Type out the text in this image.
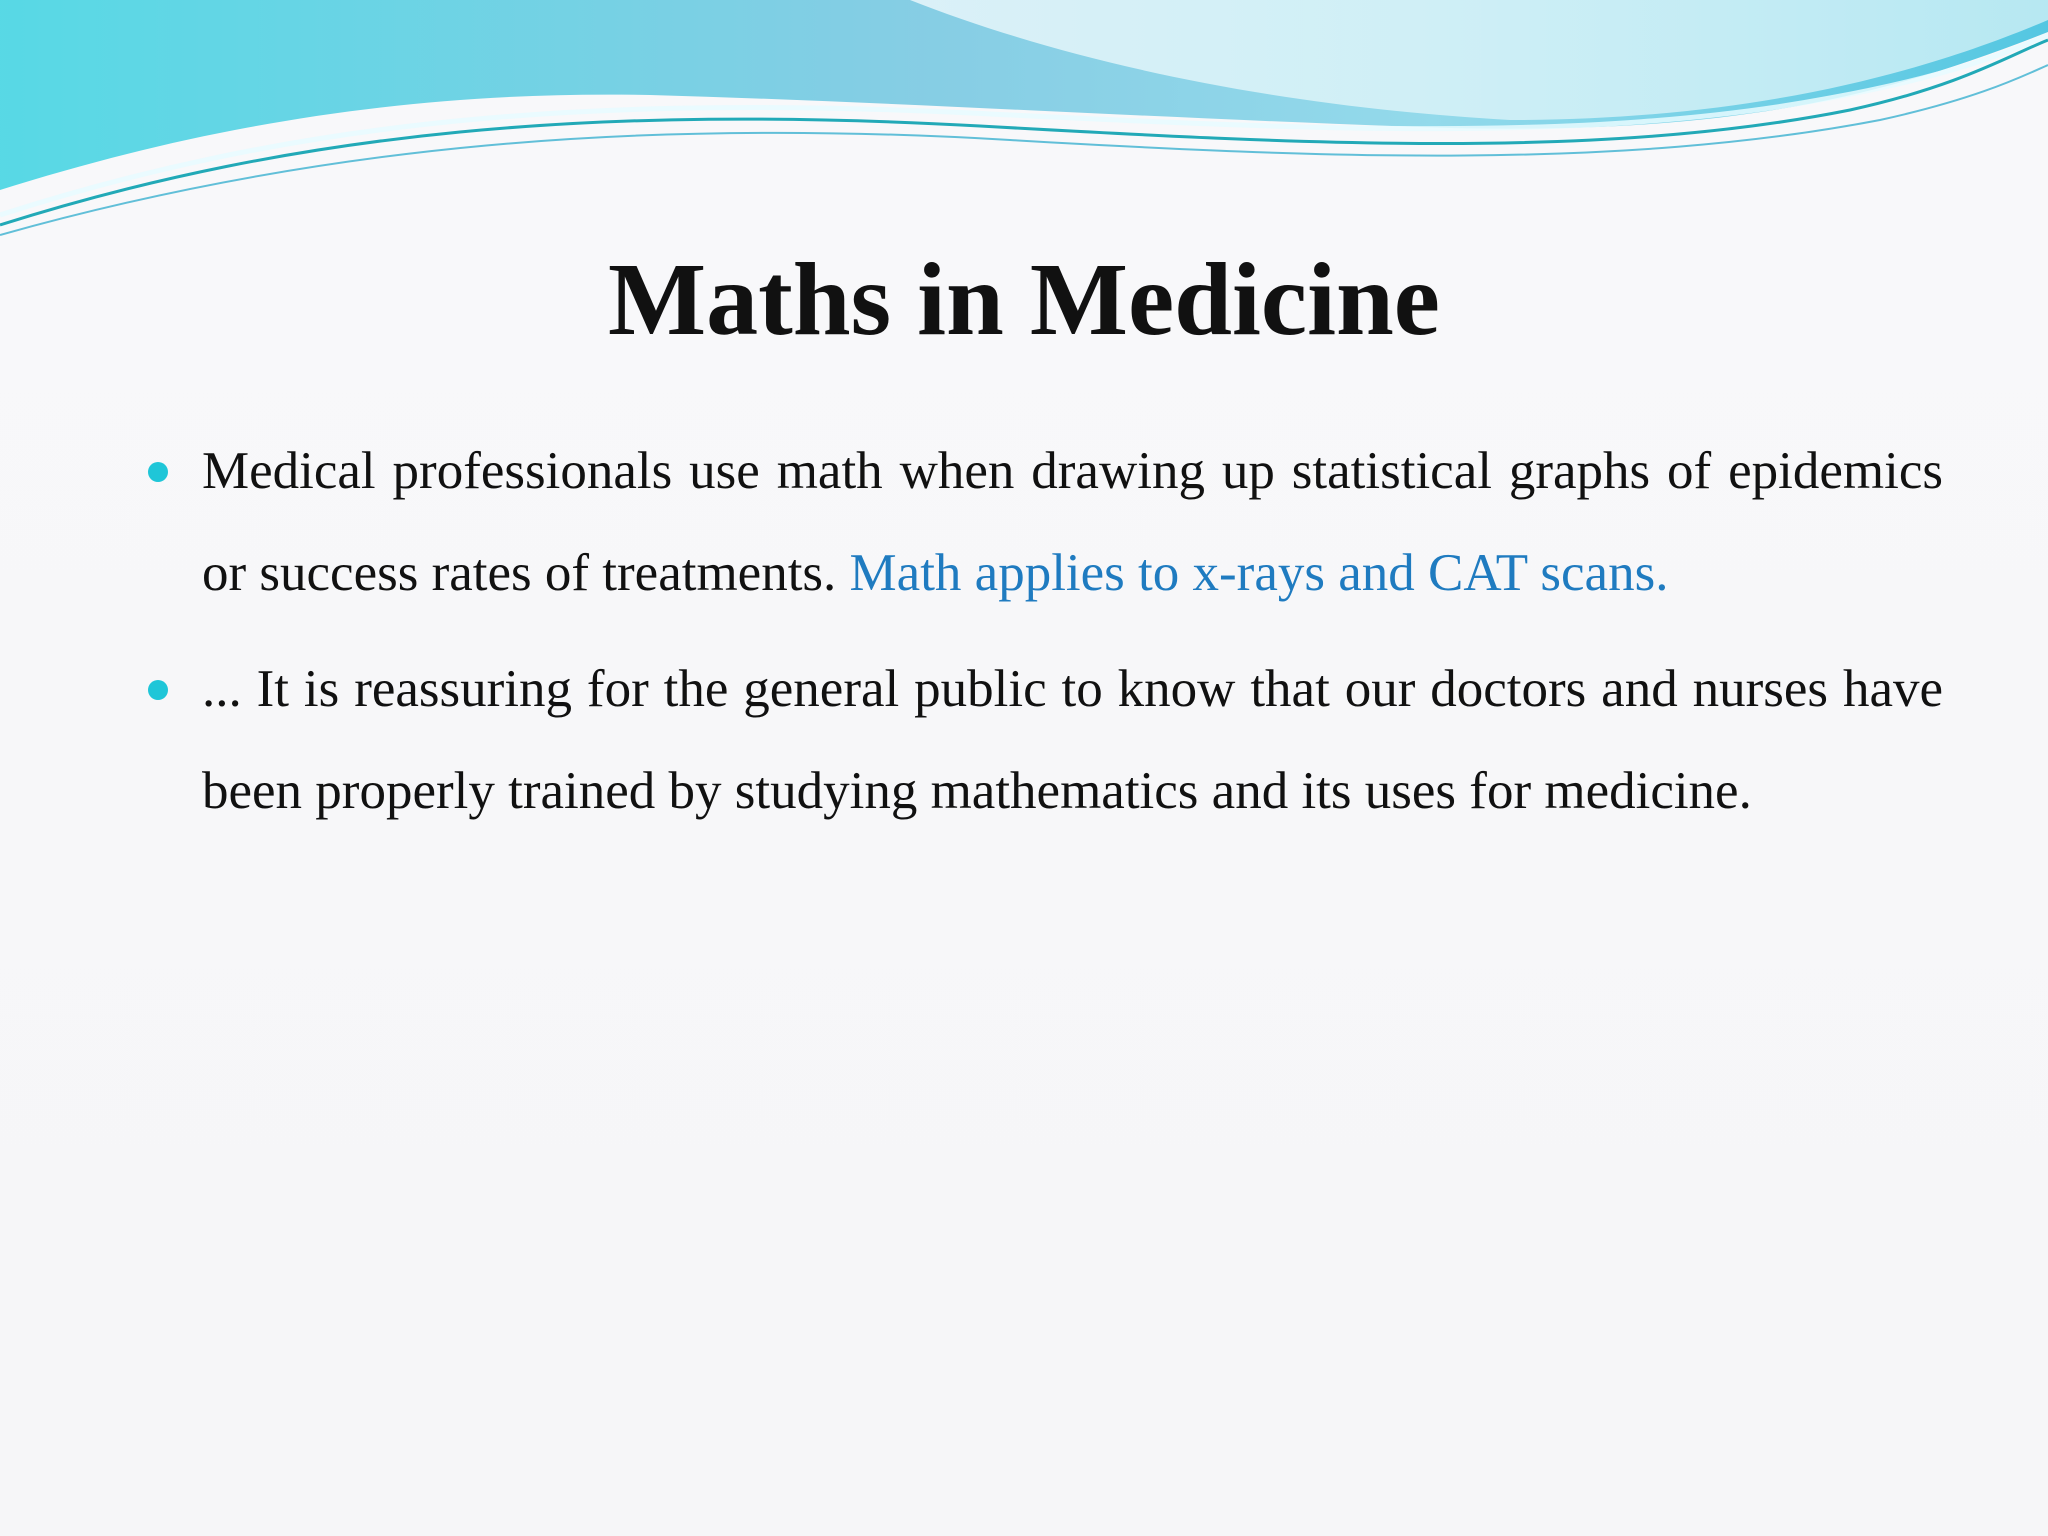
Maths in Medicine
Medical professionals use math when drawing up statistical graphs of epidemics or success rates of treatments. Math applies to x-rays and CAT scans.
... It is reassuring for the general public to know that our doctors and nurses have been properly trained by studying mathematics and its uses for medicine.
